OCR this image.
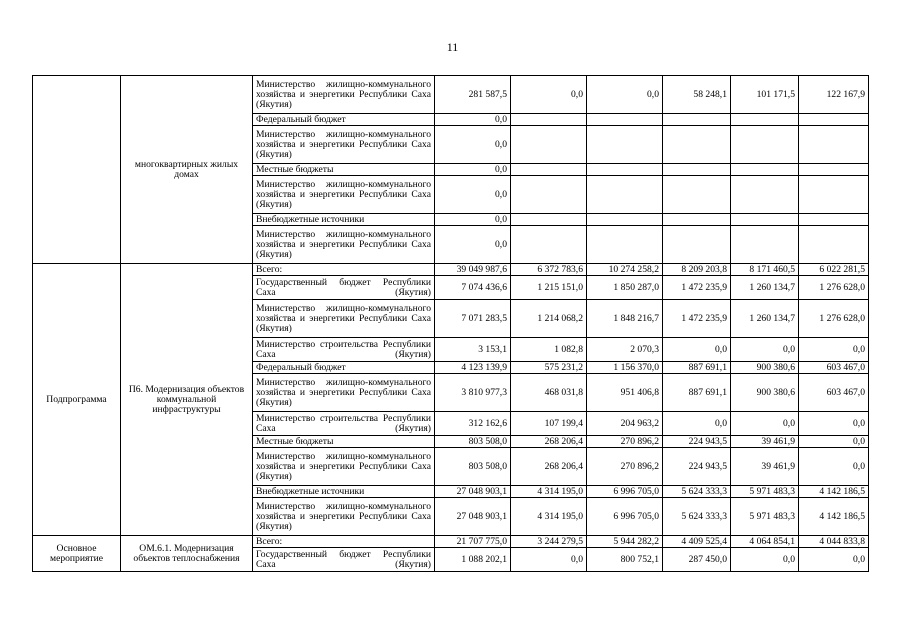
11
	многоквартирных жилых домах	Министерство жилищно-коммунального хозяйства и энергетики Республики Саха (Якутия)	281 587,5	0,0	0,0	58 248,1	101 171,5	122 167,9
		Федеральный бюджет	0,0					
		Министерство жилищно-коммунального хозяйства и энергетики Республики Саха (Якутия)	0,0					
		Местные бюджеты	0,0					
		Министерство жилищно-коммунального хозяйства и энергетики Республики Саха (Якутия)	0,0					
		Внебюджетные источники	0,0					
		Министерство жилищно-коммунального хозяйства и энергетики Республики Саха (Якутия)	0,0					
Подпрограмма	П6. Модернизация объектов коммунальной инфраструктуры	Всего:	39 049 987,6	6 372 783,6	10 274 258,2	8 209 203,8	8 171 460,5	6 022 281,5
		Государственный бюджет Республики Саха (Якутия)	7 074 436,6	1 215 151,0	1 850 287,0	1 472 235,9	1 260 134,7	1 276 628,0
		Министерство жилищно-коммунального хозяйства и энергетики Республики Саха (Якутия)	7 071 283,5	1 214 068,2	1 848 216,7	1 472 235,9	1 260 134,7	1 276 628,0
		Министерство строительства Республики Саха (Якутия)	3 153,1	1 082,8	2 070,3	0,0	0,0	0,0
		Федеральный бюджет	4 123 139,9	575 231,2	1 156 370,0	887 691,1	900 380,6	603 467,0
		Министерство жилищно-коммунального хозяйства и энергетики Республики Саха (Якутия)	3 810 977,3	468 031,8	951 406,8	887 691,1	900 380,6	603 467,0
		Министерство строительства Республики Саха (Якутия)	312 162,6	107 199,4	204 963,2	0,0	0,0	0,0
		Местные бюджеты	803 508,0	268 206,4	270 896,2	224 943,5	39 461,9	0,0
		Министерство жилищно-коммунального хозяйства и энергетики Республики Саха (Якутия)	803 508,0	268 206,4	270 896,2	224 943,5	39 461,9	0,0
		Внебюджетные источники	27 048 903,1	4 314 195,0	6 996 705,0	5 624 333,3	5 971 483,3	4 142 186,5
		Министерство жилищно-коммунального хозяйства и энергетики Республики Саха (Якутия)	27 048 903,1	4 314 195,0	6 996 705,0	5 624 333,3	5 971 483,3	4 142 186,5
Основное мероприятие	ОМ.6.1. Модернизация объектов теплоснабжения	Всего:	21 707 775,0	3 244 279,5	5 944 282,2	4 409 525,4	4 064 854,1	4 044 833,8
		Государственный бюджет Республики Саха (Якутия)	1 088 202,1	0,0	800 752,1	287 450,0	0,0	0,0
